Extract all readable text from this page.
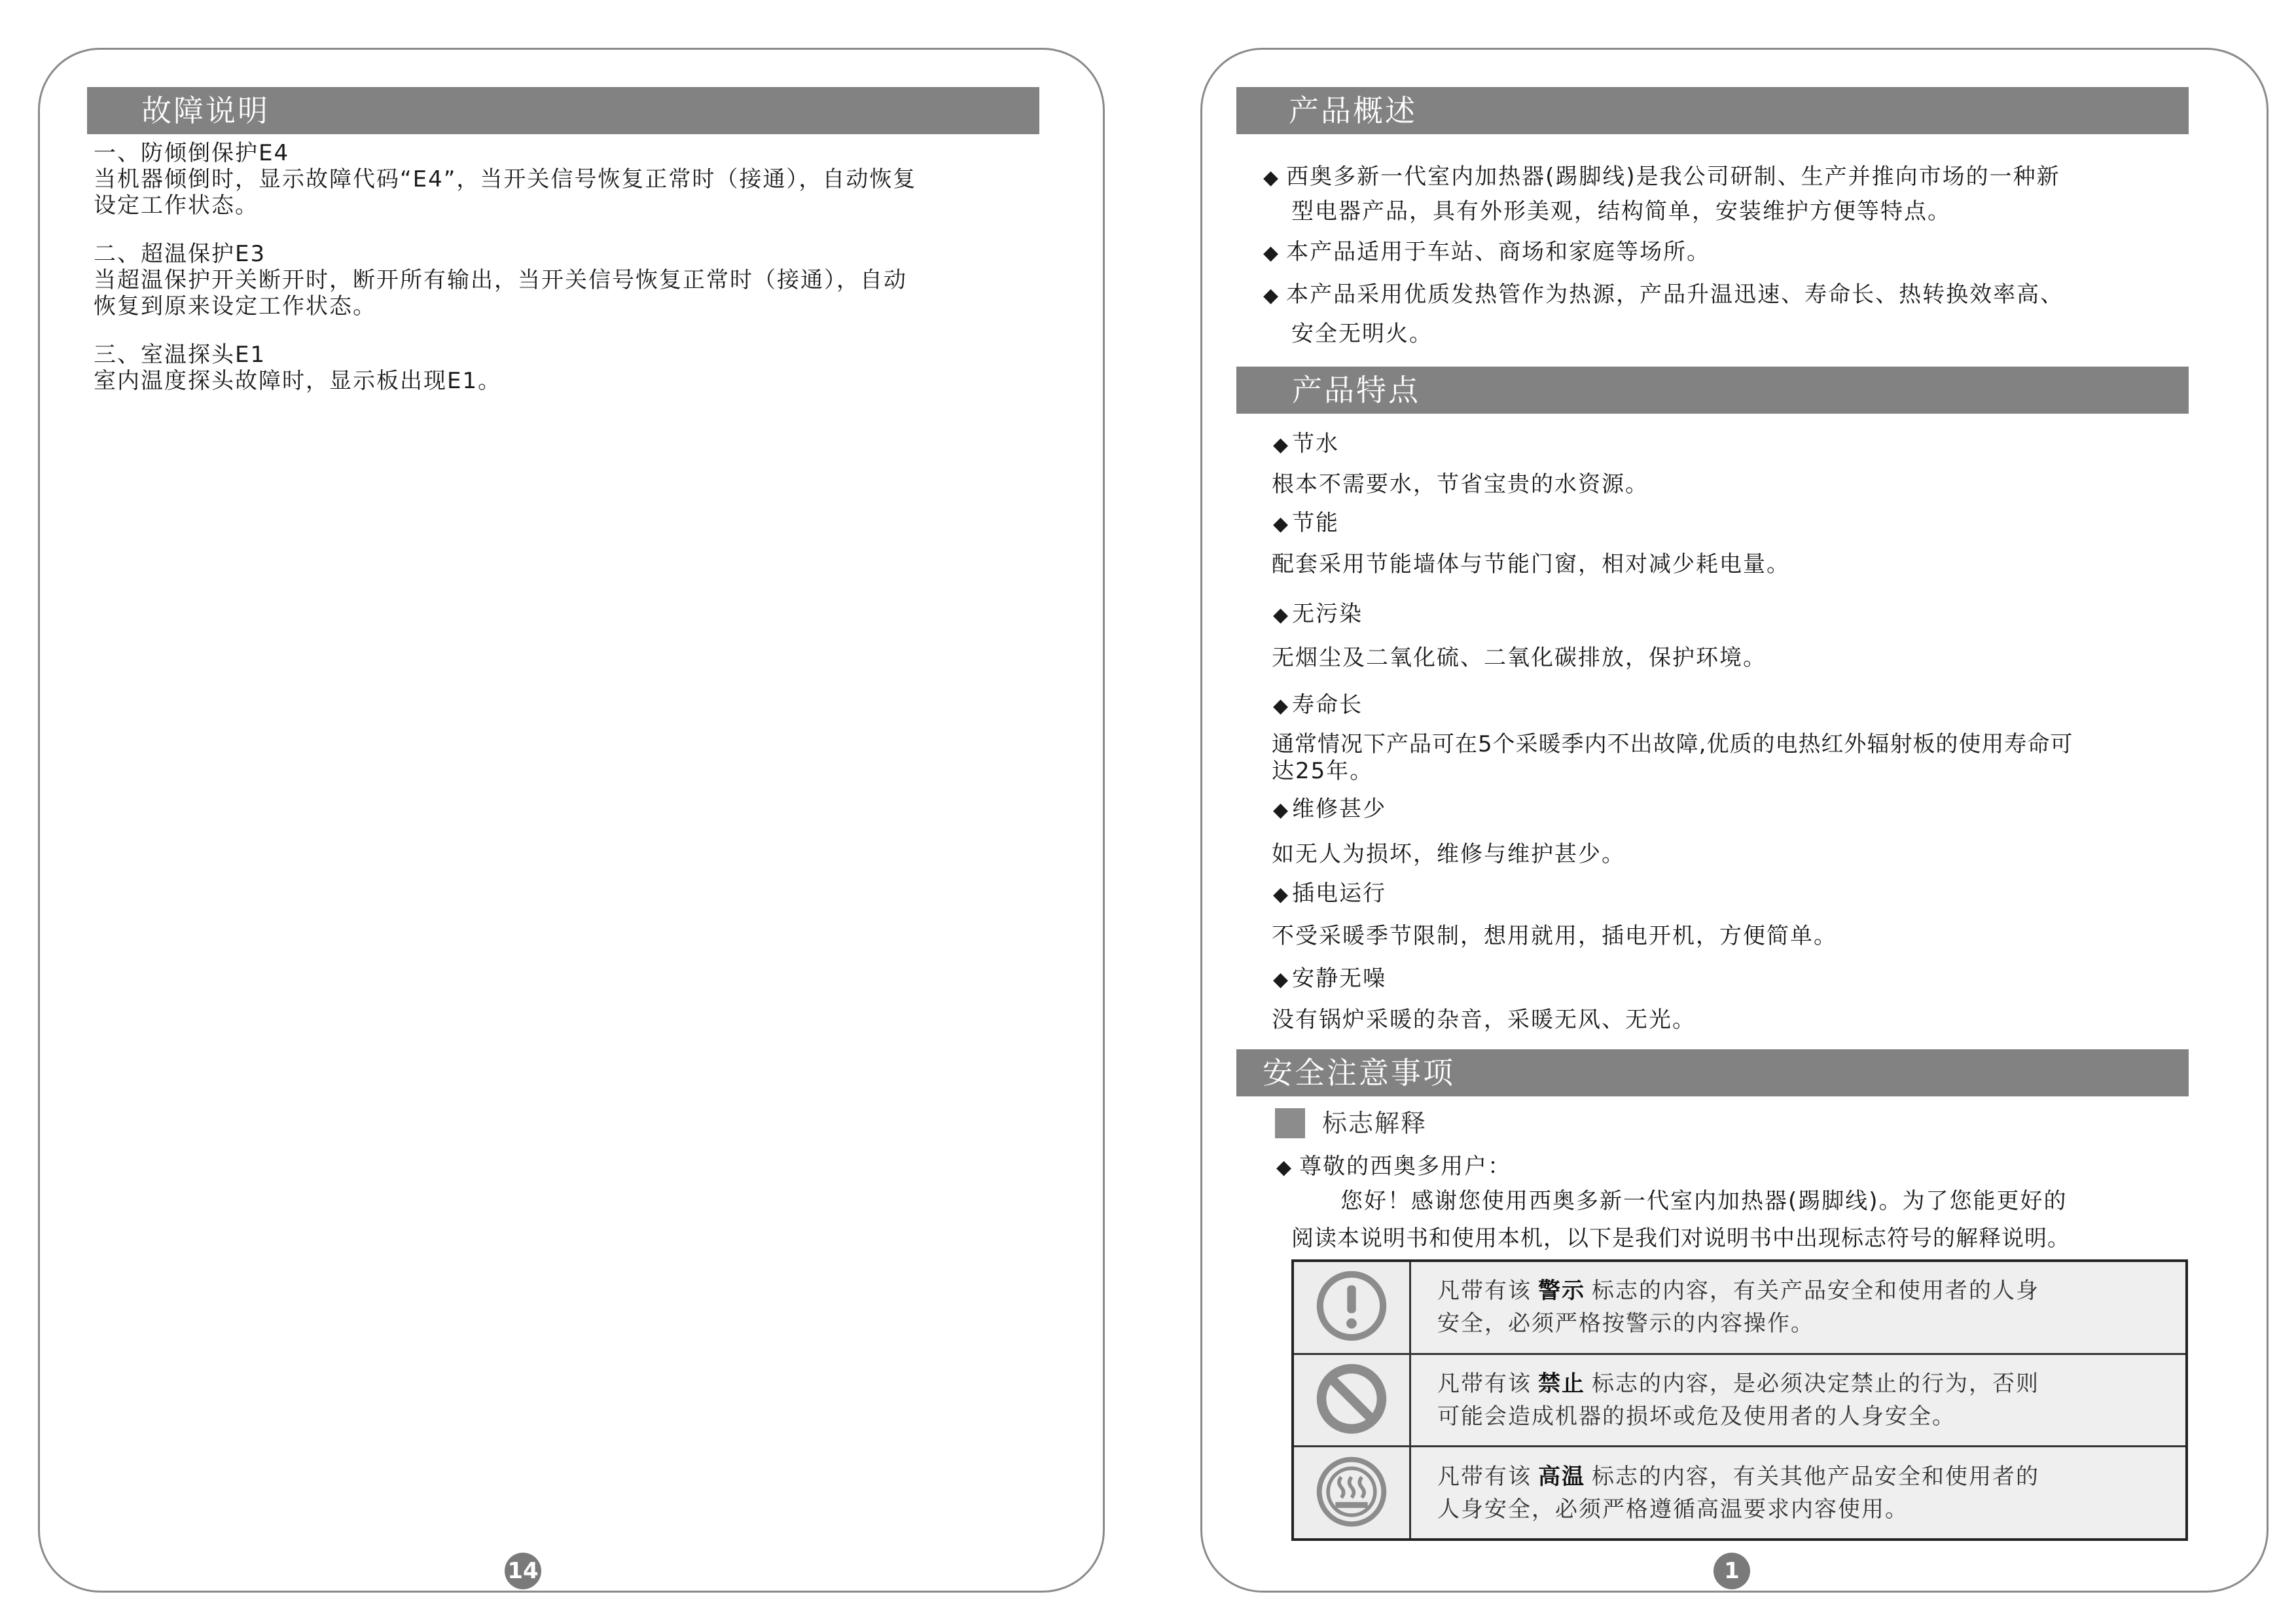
故障说明
一、防倾倒保护E4
当机器倾倒时，显示故障代码“E4”，当开关信号恢复正常时（接通），自动恢复
设定工作状态。
二、超温保护E3
当超温保护开关断开时，断开所有输出，当开关信号恢复正常时（接通），自动
恢复到原来设定工作状态。
三、室温探头E1
室内温度探头故障时，显示板出现E1。
14
产品概述
◆ 西奥多新一代室内加热器(踢脚线)是我公司研制、生产并推向市场的一种新
型电器产品，具有外形美观，结构简单，安装维护方便等特点。
◆ 本产品适用于车站、商场和家庭等场所。
◆ 本产品采用优质发热管作为热源，产品升温迅速、寿命长、热转换效率高、
安全无明火。
产品特点
◆ 节水
根本不需要水，节省宝贵的水资源。
◆ 节能
配套采用节能墙体与节能门窗，相对减少耗电量。
◆ 无污染
无烟尘及二氧化硫、二氧化碳排放，保护环境。
◆ 寿命长
通常情况下产品可在5个采暖季内不出故障,优质的电热红外辐射板的使用寿命可
达25年。
◆ 维修甚少
如无人为损坏，维修与维护甚少。
◆ 插电运行
不受采暖季节限制，想用就用，插电开机，方便简单。
◆ 安静无噪
没有锅炉采暖的杂音，采暖无风、无光。
安全注意事项
标志解释
◆ 尊敬的西奥多用户：
您好！感谢您使用西奥多新一代室内加热器(踢脚线)。为了您能更好的
阅读本说明书和使用本机，以下是我们对说明书中出现标志符号的解释说明。
	凡带有该 警示 标志的内容，有关产品安全和使用者的人身
安全，必须严格按警示的内容操作。
	凡带有该 禁止 标志的内容，是必须决定禁止的行为，否则
可能会造成机器的损坏或危及使用者的人身安全。
	凡带有该 高温 标志的内容，有关其他产品安全和使用者的
人身安全，必须严格遵循高温要求内容使用。
1
